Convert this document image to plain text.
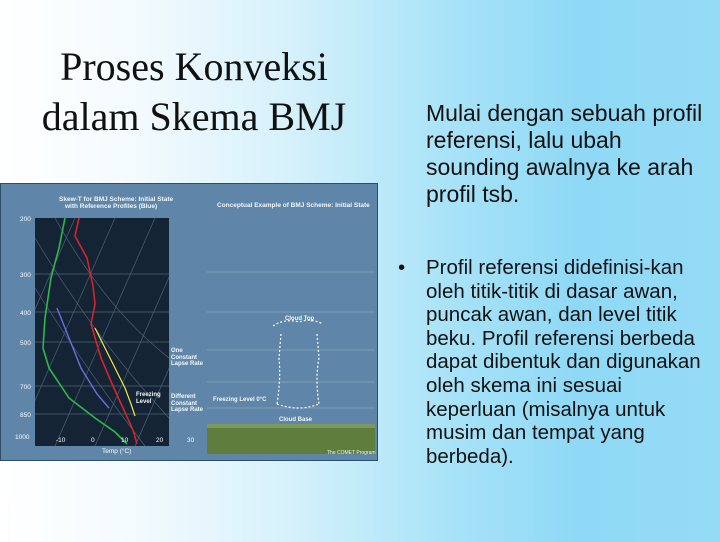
Proses Konveksi
dalam Skema BMJ	Mulai dengan sebuah profil referensi, lalu ubah sounding awalnya ke arah profil tsb.
• Profil referensi didefinisi-kan oleh titik-titik di dasar awan, puncak awan, dan level titik beku. Profil referensi berbeda dapat dibentuk dan digunakan oleh skema ini sesuai keperluan (misalnya untuk musim dan tempat yang berbeda).
Skew-T for BMJ Scheme: Initial State
with Reference Profiles (Blue)	Conceptual Example of BMJ Scheme: Initial State
Pressure (hPa)
200
300
400
500
700
850
1000
One Constant Lapse Rate
Freezing Level
Different Constant Lapse Rate
-10	0	10	20	30
Temp (°C)
Cloud Top
Freezing Level 0°C
Cloud Base
The COMET Program
